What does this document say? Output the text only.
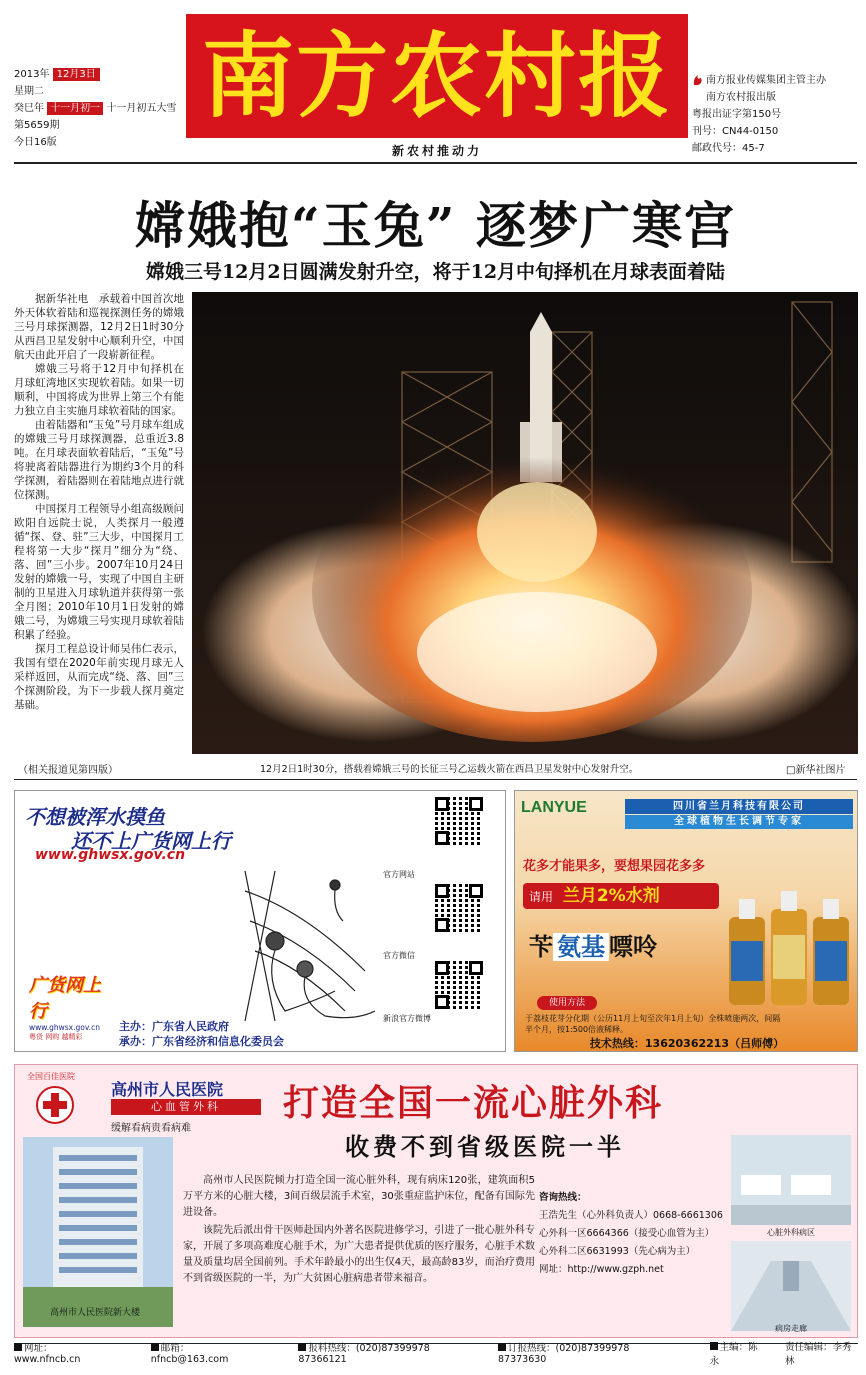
2013年 12月3日
星期二
癸巳年 十一月初一 十一月初五大雪
第5659期
今日16版
南方农村报
新农村推动力
南方报业传媒集团主管主办
南方农村报出版
粤报出证字第150号
刊号：CN44-0150
邮政代号：45-7
嫦娥抱“玉兔” 逐梦广寒宫
嫦娥三号12月2日圆满发射升空，将于12月中旬择机在月球表面着陆

据新华社电　承载着中国首次地外天体软着陆和巡视探测任务的嫦娥三号月球探测器，12月2日1时30分从西昌卫星发射中心顺利升空，中国航天由此开启了一段崭新征程。

嫦娥三号将于12月中旬择机在月球虹湾地区实现软着陆。如果一切顺利，中国将成为世界上第三个有能力独立自主实施月球软着陆的国家。

由着陆器和“玉兔”号月球车组成的嫦娥三号月球探测器，总重近3.8吨。在月球表面软着陆后，“玉兔”号将驶离着陆器进行为期约3个月的科学探测，着陆器则在着陆地点进行就位探测。

中国探月工程领导小组高级顾问欧阳自远院士说，人类探月一般遵循“探、登、驻”三大步，中国探月工程将第一大步“探月”细分为“绕、落、回”三小步。2007年10月24日发射的嫦娥一号，实现了中国自主研制的卫星进入月球轨道并获得第一张全月图；2010年10月1日发射的嫦娥二号，为嫦娥三号实现月球软着陆积累了经验。

探月工程总设计师吴伟仁表示，我国有望在2020年前实现月球无人采样返回，从而完成“绕、落、回”三个探测阶段，为下一步载人探月奠定基础。

（相关报道见第四版）	12月2日1时30分，搭载着嫦娥三号的长征三号乙运载火箭在西昌卫星发射中心发射升空。	□新华社图片
不想被浑水摸鱼
还不上广货网上行
www.ghwsx.gov.cn
广货网上行
www.ghwsx.gov.cn
粤货 网购 越精彩
主办：广东省人民政府
承办：广东省经济和信息化委员会
官方网站
官方微信
新浪官方微博
LANYUE	四川省兰月科技有限公司
全球植物生长调节专家
花多才能果多，要想果园花多多
请用 兰月2%水剂
苄 氨基 嘌呤
使用方法
于荔枝花芽分化期（公历11月上旬至次年1月上旬）全株喷施两次，间隔半个月，按1:500倍液稀释。
技术热线：13620362213（吕师傅）
全国百佳医院
高州市人民医院
心血管外科
缓解看病贵看病难
高州市人民医院新大楼
打造全国一流心脏外科
收费不到省级医院一半
高州市人民医院倾力打造全国一流心脏外科，现有病床120张，建筑面积5万平方米的心脏大楼，3间百级层流手术室，30张重症监护床位，配备有国际先进设备。
该院先后派出骨干医师赴国内外著名医院进修学习，引进了一批心脏外科专家，开展了多项高难度心脏手术，为广大患者提供优质的医疗服务，心脏手术数量及质量均居全国前列。手术年龄最小的出生仅4天，最高龄83岁，而治疗费用不到省级医院的一半，为广大贫困心脏病患者带来福音。
咨询热线：
王浩先生（心外科负责人）0668-6661306
心外科一区6664366（接受心血管为主）
心外科二区6631993（先心病为主）
网址：http://www.gzph.net
心脏外科病区
病房走廊
网址：www.nfncb.cn
邮箱：nfncb@163.com
报料热线：(020)87399978 87366121
订报热线：(020)87399978 87373630
主编：陈永
责任编辑：李秀林
